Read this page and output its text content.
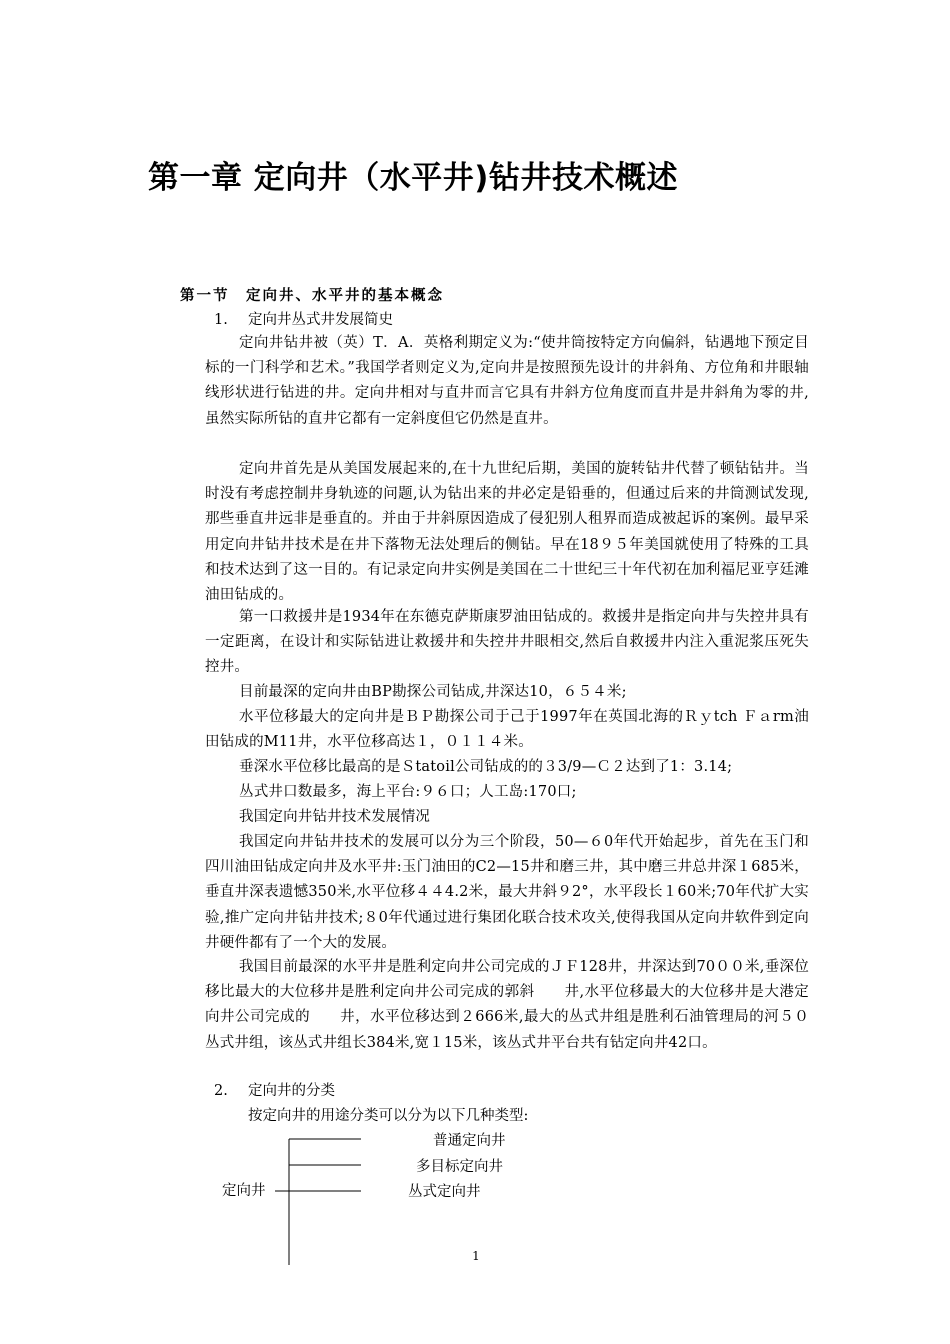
第一章 定向井（水平井)钻井技术概述
第一节　定向井、水平井的基本概念
1. 定向井丛式井发展简史

定向井钻井被（英）T．A．英格利期定义为:“使井筒按特定方向偏斜，钻遇地下预定目标的一门科学和艺术。”我国学者则定义为,定向井是按照预先设计的井斜角、方位角和井眼轴线形状进行钻进的井。定向井相对与直井而言它具有井斜方位角度而直井是井斜角为零的井,虽然实际所钻的直井它都有一定斜度但它仍然是直井。

定向井首先是从美国发展起来的,在十九世纪后期，美国的旋转钻井代替了顿钻钻井。当时没有考虑控制井身轨迹的问题,认为钻出来的井必定是铅垂的，但通过后来的井筒测试发现,那些垂直井远非是垂直的。并由于井斜原因造成了侵犯别人租界而造成被起诉的案例。最早采用定向井钻井技术是在井下落物无法处理后的侧钻。早在18９５年美国就使用了特殊的工具和技术达到了这一目的。有记录定向井实例是美国在二十世纪三十年代初在加利福尼亚亨廷滩油田钻成的。

第一口救援井是1934年在东德克萨斯康罗油田钻成的。救援井是指定向井与失控井具有一定距离，在设计和实际钻进让救援井和失控井井眼相交,然后自救援井内注入重泥浆压死失控井。

目前最深的定向井由BP勘探公司钻成,井深达10，６５４米;

水平位移最大的定向井是ＢＰ勘探公司于己于1997年在英国北海的Ｒｙtch Ｆａrm油田钻成的M11井，水平位移高达１，０１１４米。

垂深水平位移比最高的是Ｓtatoil公司钻成的的３3/9—Ｃ２达到了1：3.14;

丛式井口数最多，海上平台:９６口；人工岛:170口;

我国定向井钻井技术发展情况

我国定向井钻井技术的发展可以分为三个阶段，50—６0年代开始起步，首先在玉门和四川油田钻成定向井及水平井:玉门油田的C2—15井和磨三井，其中磨三井总井深１685米，垂直井深表遗憾350米,水平位移４４4.2米，最大井斜９2°，水平段长１60米;70年代扩大实验,推广定向井钻井技术;８0年代通过进行集团化联合技术攻关,使得我国从定向井软件到定向井硬件都有了一个大的发展。

我国目前最深的水平井是胜利定向井公司完成的ＪＦ128井，井深达到70００米,垂深位移比最大的大位移井是胜利定向井公司完成的郭斜　　井,水平位移最大的大位移井是大港定向井公司完成的　　井，水平位移达到２666米,最大的丛式井组是胜利石油管理局的河５０丛式井组，该丛式井组长384米,宽１15米，该丛式井平台共有钻定向井42口。

2. 定向井的分类
按定向井的用途分类可以分为以下几种类型:
定向井
普通定向井
多目标定向井
丛式定向井
1
